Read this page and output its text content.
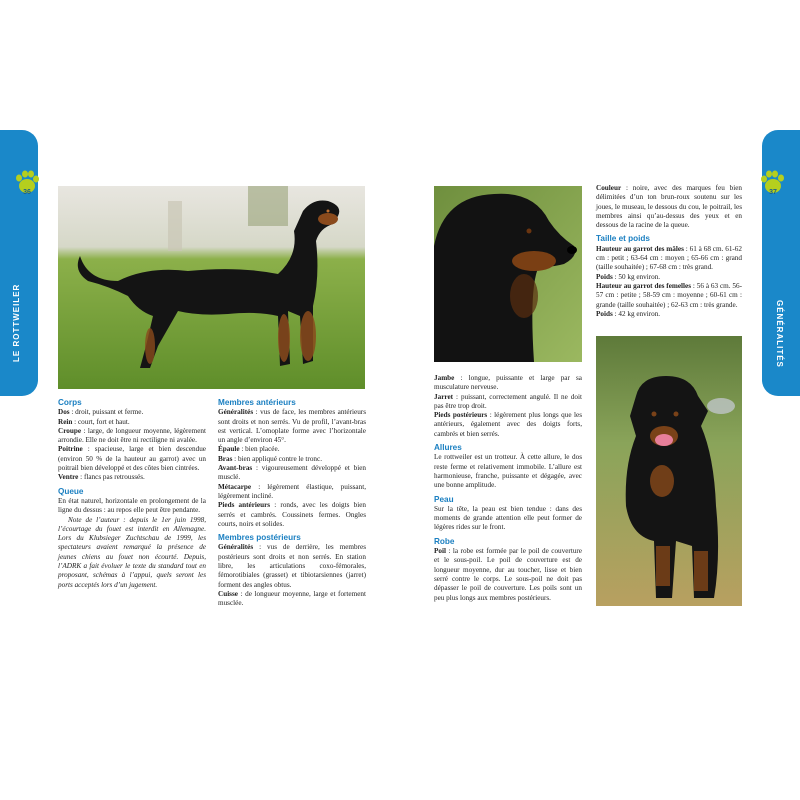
36
LE ROTTWEILER
37
GÉNÉRALITÉS
Corps

Dos : droit, puissant et ferme.

Rein : court, fort et haut.

Croupe : large, de longueur moyenne, légèrement arrondie. Elle ne doit être ni rectiligne ni avalée.

Poitrine : spacieuse, large et bien descendue (environ 50 % de la hauteur au garrot) avec un poitrail bien développé et des côtes bien cintrées.

Ventre : flancs pas retroussés.

Queue

En état naturel, horizontale en prolongement de la ligne du dessus : au repos elle peut être pendante.

Note de l’auteur : depuis le 1er juin 1998, l’écourtage du fouet est interdit en Allemagne. Lors du Klubsieger Zuchtschau de 1999, les spectateurs avaient remarqué la présence de jeunes chiens au fouet non écourté. Depuis, l’ADRK a fait évoluer le texte du standard tout en proposant, schémas à l’appui, quels seront les ports acceptés lors d’un jugement.

Membres antérieurs

Généralités : vus de face, les membres antérieurs sont droits et non serrés. Vu de profil, l’avant-bras est vertical. L’omoplate forme avec l’horizontale un angle d’environ 45°.

Épaule : bien placée.

Bras : bien appliqué contre le tronc.

Avant-bras : vigoureusement développé et bien musclé.

Métacarpe : légèrement élastique, puissant, légèrement incliné.

Pieds antérieurs : ronds, avec les doigts bien serrés et cambrés. Coussinets fermes. Ongles courts, noirs et solides.

Membres postérieurs

Généralités : vus de derrière, les membres postérieurs sont droits et non serrés. En station libre, les articulations coxo-fémorales, fémorotibiales (grasset) et tibiotarsiennes (jarret) forment des angles obtus.

Cuisse : de longueur moyenne, large et fortement musclée.

Jambe : longue, puissante et large par sa musculature nerveuse.

Jarret : puissant, correctement angulé. Il ne doit pas être trop droit.

Pieds postérieurs : légèrement plus longs que les antérieurs, également avec des doigts forts, cambrés et bien serrés.

Allures

Le rottweiler est un trotteur. À cette allure, le dos reste ferme et relativement immobile. L’allure est harmonieuse, franche, puissante et dégagée, avec une bonne amplitude.

Peau

Sur la tête, la peau est bien tendue : dans des moments de grande attention elle peut former de légères rides sur le front.

Robe

Poil : la robe est formée par le poil de couverture et le sous-poil. Le poil de couverture est de longueur moyenne, dur au toucher, lisse et bien serré contre le corps. Le sous-poil ne doit pas dépasser le poil de couverture. Les poils sont un peu plus longs aux membres postérieurs.

Couleur : noire, avec des marques feu bien délimitées d’un ton brun-roux soutenu sur les joues, le museau, le dessous du cou, le poitrail, les membres ainsi qu’au-dessus des yeux et en dessous de la racine de la queue.

Taille et poids

Hauteur au garrot des mâles : 61 à 68 cm. 61-62 cm : petit ; 63-64 cm : moyen ; 65-66 cm : grand (taille souhaitée) ; 67-68 cm : très grand.

Poids : 50 kg environ.

Hauteur au garrot des femelles : 56 à 63 cm. 56-57 cm : petite ; 58-59 cm : moyenne ; 60-61 cm : grande (taille souhaitée) ; 62-63 cm : très grande.

Poids : 42 kg environ.
